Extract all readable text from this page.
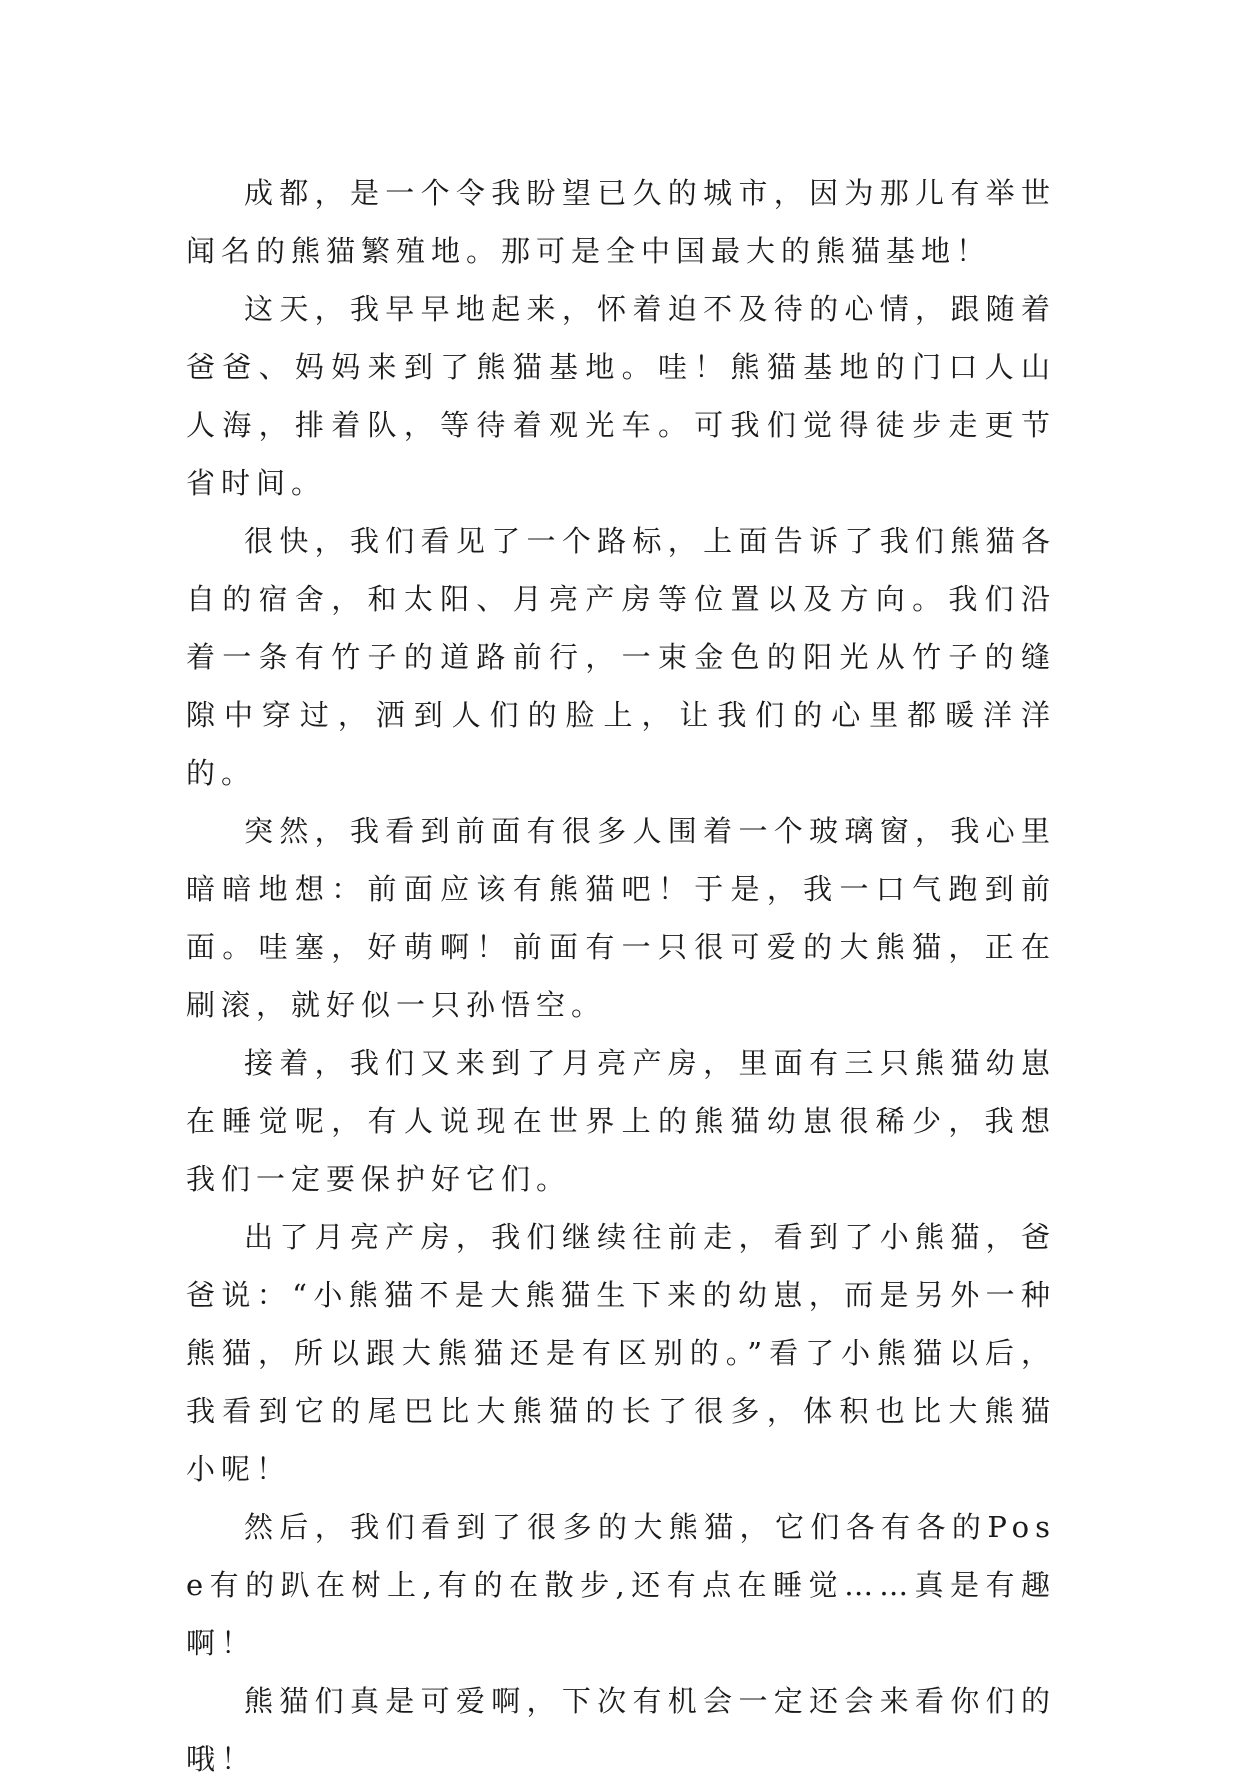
成都，是一个令我盼望已久的城市，因为那儿有举世闻名的熊猫繁殖地。那可是全中国最大的熊猫基地！

这天，我早早地起来，怀着迫不及待的心情，跟随着爸爸、妈妈来到了熊猫基地。哇！熊猫基地的门口人山人海，排着队，等待着观光车。可我们觉得徒步走更节省时间。

很快，我们看见了一个路标，上面告诉了我们熊猫各自的宿舍，和太阳、月亮产房等位置以及方向。我们沿着一条有竹子的道路前行，一束金色的阳光从竹子的缝隙中穿过，洒到人们的脸上，让我们的心里都暖洋洋的。

突然，我看到前面有很多人围着一个玻璃窗，我心里暗暗地想：前面应该有熊猫吧！于是，我一口气跑到前面。哇塞，好萌啊！前面有一只很可爱的大熊猫，正在刷滚，就好似一只孙悟空。

接着，我们又来到了月亮产房，里面有三只熊猫幼崽在睡觉呢，有人说现在世界上的熊猫幼崽很稀少，我想我们一定要保护好它们。

出了月亮产房，我们继续往前走，看到了小熊猫，爸爸说：“小熊猫不是大熊猫生下来的幼崽，而是另外一种熊猫，所以跟大熊猫还是有区别的。”看了小熊猫以后，我看到它的尾巴比大熊猫的长了很多，体积也比大熊猫小呢！

然后，我们看到了很多的大熊猫，它们各有各的Pose有的趴在树上,有的在散步,还有点在睡觉……真是有趣啊！

熊猫们真是可爱啊，下次有机会一定还会来看你们的哦！
